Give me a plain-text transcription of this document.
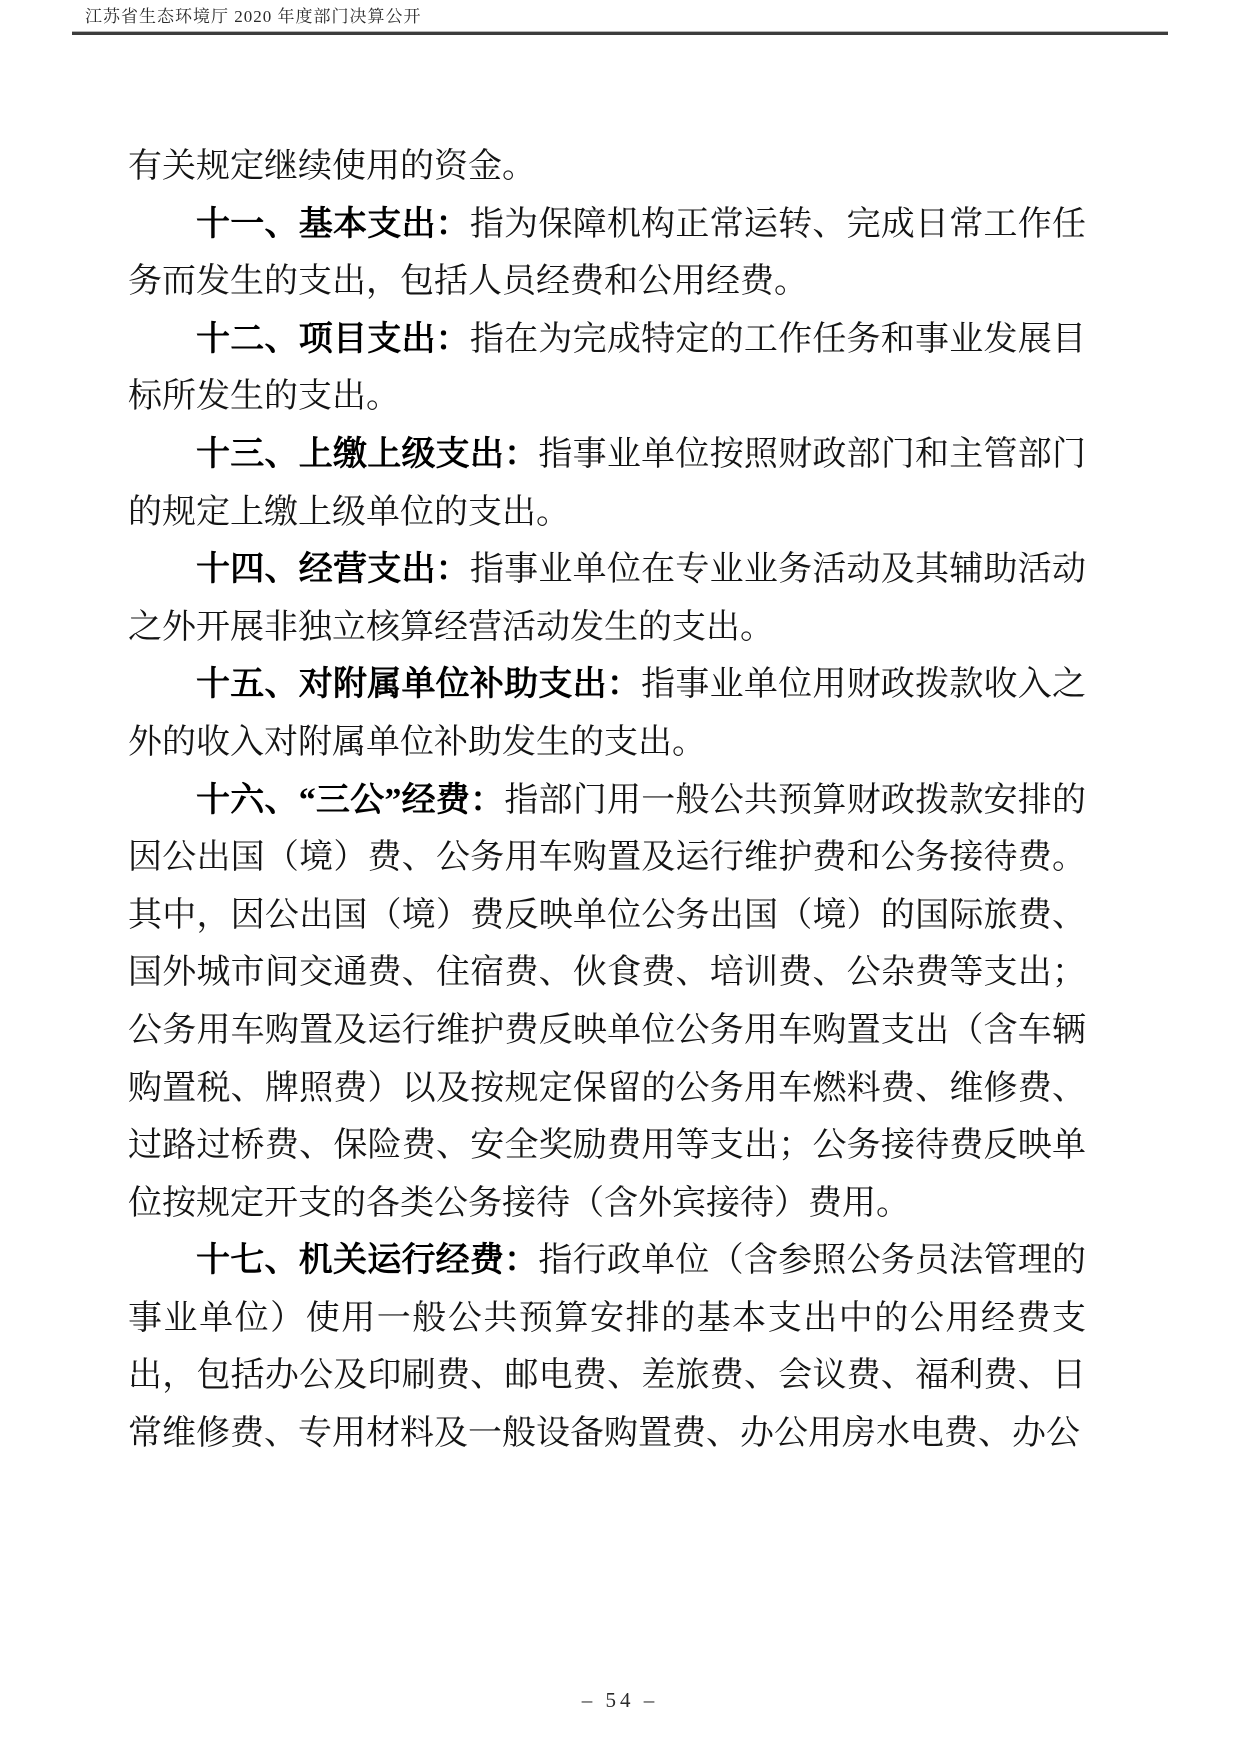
江苏省生态环境厅 2020 年度部门决算公开

有关规定继续使用的资金。

十一、基本支出：指为保障机构正常运转、完成日常工作任务而发生的支出，包括人员经费和公用经费。

十二、项目支出：指在为完成特定的工作任务和事业发展目标所发生的支出。

十三、上缴上级支出：指事业单位按照财政部门和主管部门的规定上缴上级单位的支出。

十四、经营支出：指事业单位在专业业务活动及其辅助活动之外开展非独立核算经营活动发生的支出。

十五、对附属单位补助支出：指事业单位用财政拨款收入之外的收入对附属单位补助发生的支出。

十六、“三公”经费：指部门用一般公共预算财政拨款安排的因公出国（境）费、公务用车购置及运行维护费和公务接待费。其中，因公出国（境）费反映单位公务出国（境）的国际旅费、国外城市间交通费、住宿费、伙食费、培训费、公杂费等支出；公务用车购置及运行维护费反映单位公务用车购置支出（含车辆购置税、牌照费）以及按规定保留的公务用车燃料费、维修费、过路过桥费、保险费、安全奖励费用等支出；公务接待费反映单位按规定开支的各类公务接待（含外宾接待）费用。

十七、机关运行经费：指行政单位（含参照公务员法管理的事业单位）使用一般公共预算安排的基本支出中的公用经费支出，包括办公及印刷费、邮电费、差旅费、会议费、福利费、日常维修费、专用材料及一般设备购置费、办公用房水电费、办公

– 54 –
